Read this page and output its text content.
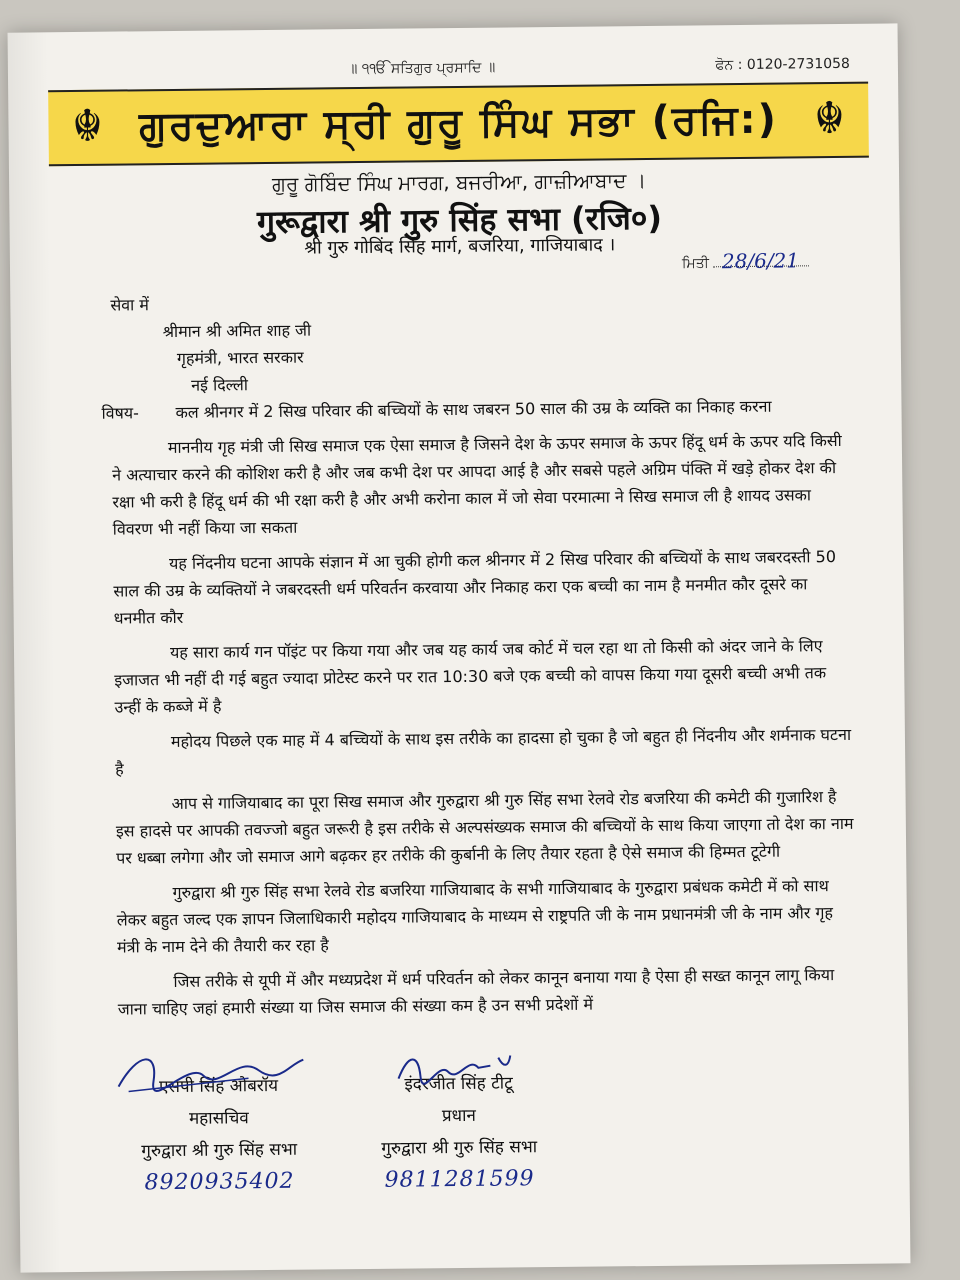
॥ ੧ੴ ਸਤਿਗੁਰ ਪ੍ਰਸਾਦਿ ॥	ਫੋਨ : 0120-2731058
☬ ਗੁਰਦੁਆਰਾ ਸ੍ਰੀ ਗੁਰੂ ਸਿੰਘ ਸਭਾ (ਰਜਿ:) ☬
ਗੁਰੂ ਗੋਬਿੰਦ ਸਿੰਘ ਮਾਰਗ, ਬਜਰੀਆ, ਗਾਜ਼ੀਆਬਾਦ ।
गुरूद्वारा श्री गुरु सिंह सभा (रजि०)
श्री गुरु गोबिंद सिंह मार्ग, बजरिया, गाजियाबाद ।
ਮਿਤੀ 28/6/21

सेवा में

श्रीमान श्री अमित शाह जी

गृहमंत्री, भारत सरकार

नई दिल्ली

विषय-	कल श्रीनगर में 2 सिख परिवार की बच्चियों के साथ जबरन 50 साल की उम्र के व्यक्ति का निकाह करना

माननीय गृह मंत्री जी सिख समाज एक ऐसा समाज है जिसने देश के ऊपर समाज के ऊपर हिंदू धर्म के ऊपर यदि किसी ने अत्याचार करने की कोशिश करी है और जब कभी देश पर आपदा आई है और सबसे पहले अग्रिम पंक्ति में खड़े होकर देश की रक्षा भी करी है हिंदू धर्म की भी रक्षा करी है और अभी करोना काल में जो सेवा परमात्मा ने सिख समाज ली है शायद उसका विवरण भी नहीं किया जा सकता

यह निंदनीय घटना आपके संज्ञान में आ चुकी होगी कल श्रीनगर में 2 सिख परिवार की बच्चियों के साथ जबरदस्ती 50 साल की उम्र के व्यक्तियों ने जबरदस्ती धर्म परिवर्तन करवाया और निकाह करा एक बच्ची का नाम है मनमीत कौर दूसरे का धनमीत कौर

यह सारा कार्य गन पॉइंट पर किया गया और जब यह कार्य जब कोर्ट में चल रहा था तो किसी को अंदर जाने के लिए इजाजत भी नहीं दी गई बहुत ज्यादा प्रोटेस्ट करने पर रात 10:30 बजे एक बच्ची को वापस किया गया दूसरी बच्ची अभी तक उन्हीं के कब्जे में है

महोदय पिछले एक माह में 4 बच्चियों के साथ इस तरीके का हादसा हो चुका है जो बहुत ही निंदनीय और शर्मनाक घटना है

आप से गाजियाबाद का पूरा सिख समाज और गुरुद्वारा श्री गुरु सिंह सभा रेलवे रोड बजरिया की कमेटी की गुजारिश है इस हादसे पर आपकी तवज्जो बहुत जरूरी है इस तरीके से अल्पसंख्यक समाज की बच्चियों के साथ किया जाएगा तो देश का नाम पर धब्बा लगेगा और जो समाज आगे बढ़कर हर तरीके की कुर्बानी के लिए तैयार रहता है ऐसे समाज की हिम्मत टूटेगी

गुरुद्वारा श्री गुरु सिंह सभा रेलवे रोड बजरिया गाजियाबाद के सभी गाजियाबाद के गुरुद्वारा प्रबंधक कमेटी में को साथ लेकर बहुत जल्द एक ज्ञापन जिलाधिकारी महोदय गाजियाबाद के माध्यम से राष्ट्रपति जी के नाम प्रधानमंत्री जी के नाम और गृह मंत्री के नाम देने की तैयारी कर रहा है

जिस तरीके से यूपी में और मध्यप्रदेश में धर्म परिवर्तन को लेकर कानून बनाया गया है ऐसा ही सख्त कानून लागू किया जाना चाहिए जहां हमारी संख्या या जिस समाज की संख्या कम है उन सभी प्रदेशों में

एसपी सिंह ओबरॉय
महासचिव
गुरुद्वारा श्री गुरु सिंह सभा
8920935402
इंदरजीत सिंह टीटू
प्रधान
गुरुद्वारा श्री गुरु सिंह सभा
9811281599
